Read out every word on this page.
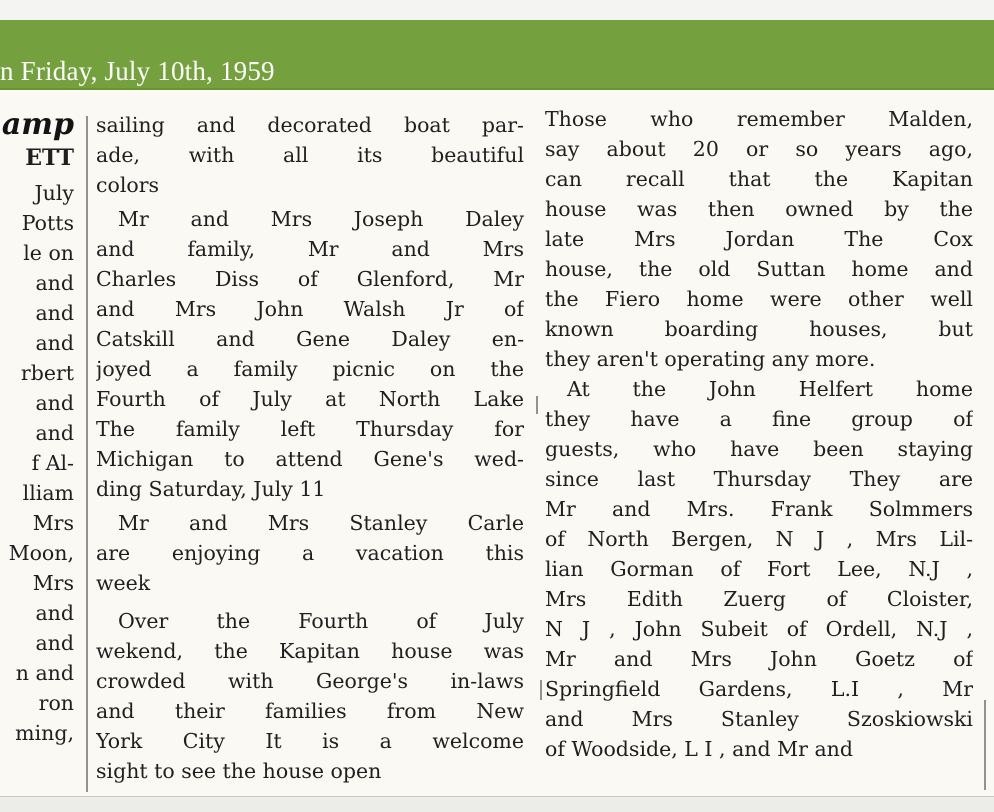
n Friday, July 10th, 1959
amp
ETT
July
Potts
le on
and
and
and
rbert
and
and
f Al-
lliam
Mrs
Moon,
Mrs
and
and
n and
ron
ming,
sailing and decorated boat par-
ade, with all its beautiful
colors
Mr and Mrs Joseph Daley
and family, Mr and Mrs
Charles Diss of Glenford, Mr
and Mrs John Walsh Jr of
Catskill and Gene Daley en-
joyed a family picnic on the
Fourth of July at North Lake
The family left Thursday for
Michigan to attend Gene's wed-
ding Saturday, July 11
Mr and Mrs Stanley Carle
are enjoying a vacation this
week
Over the Fourth of July
wekend, the Kapitan house was
crowded with George's in-laws
and their families from New
York City It is a welcome
sight to see the house open
Those who remember Malden,
say about 20 or so years ago,
can recall that the Kapitan
house was then owned by the
late Mrs Jordan The Cox
house, the old Suttan home and
the Fiero home were other well
known boarding houses, but
they aren't operating any more.
At the John Helfert home
they have a fine group of
guests, who have been staying
since last Thursday They are
Mr and Mrs. Frank Solmmers
of North Bergen, N J , Mrs Lil-
lian Gorman of Fort Lee, N.J ,
Mrs Edith Zuerg of Cloister,
N J , John Subeit of Ordell, N.J ,
Mr and Mrs John Goetz of
Springfield Gardens, L.I , Mr
and Mrs Stanley Szoskiowski
of Woodside, L I , and Mr and
